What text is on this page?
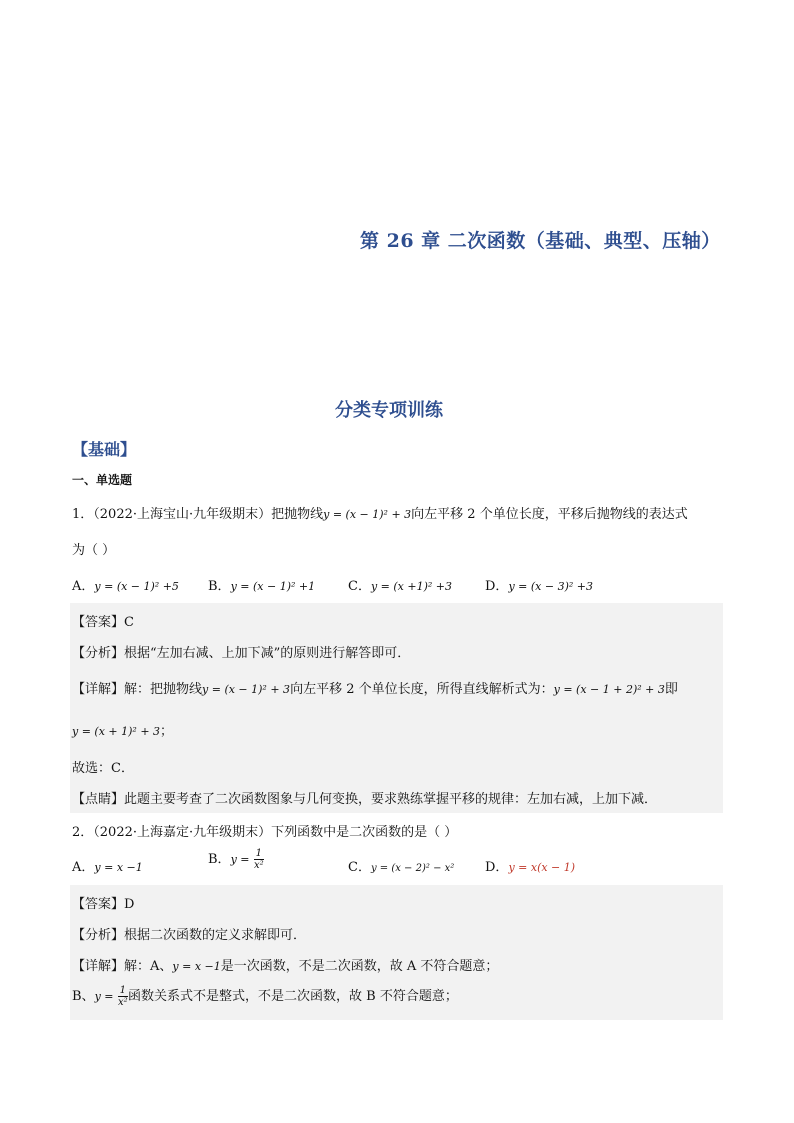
第 26 章 二次函数（基础、典型、压轴）
分类专项训练
【基础】
一、单选题
1．（2022·上海宝山·九年级期末）把抛物线y = (x − 1)² + 3向左平移 2 个单位长度，平移后抛物线的表达式
为（ ）
A．y = (x − 1)² +5 B．y = (x − 1)² +1	C．y = (x +1)² +3	D．y = (x − 3)² +3
【答案】C
【分析】根据“左加右减、上加下减”的原则进行解答即可．
【详解】解：把抛物线y = (x − 1)² + 3向左平移 2 个单位长度，所得直线解析式为：y = (x − 1 + 2)² + 3即
y = (x + 1)² + 3；
故选：C．
【点睛】此题主要考查了二次函数图象与几何变换，要求熟练掌握平移的规律：左加右减，上加下减．
2．（2022·上海嘉定·九年级期末）下列函数中是二次函数的是（ ）
A．y = x −1
B．$y = \frac{1}{\text{x²}}$	C．y = (x − 2)² − x² D．y = x(x − 1)
【答案】D
【分析】根据二次函数的定义求解即可．
【详解】解：A、y = x −1是一次函数，不是二次函数，故 A 不符合题意；
B、$y = \frac{1}{\text{x²}}$ 函数关系式不是整式，不是二次函数，故 B 不符合题意；
